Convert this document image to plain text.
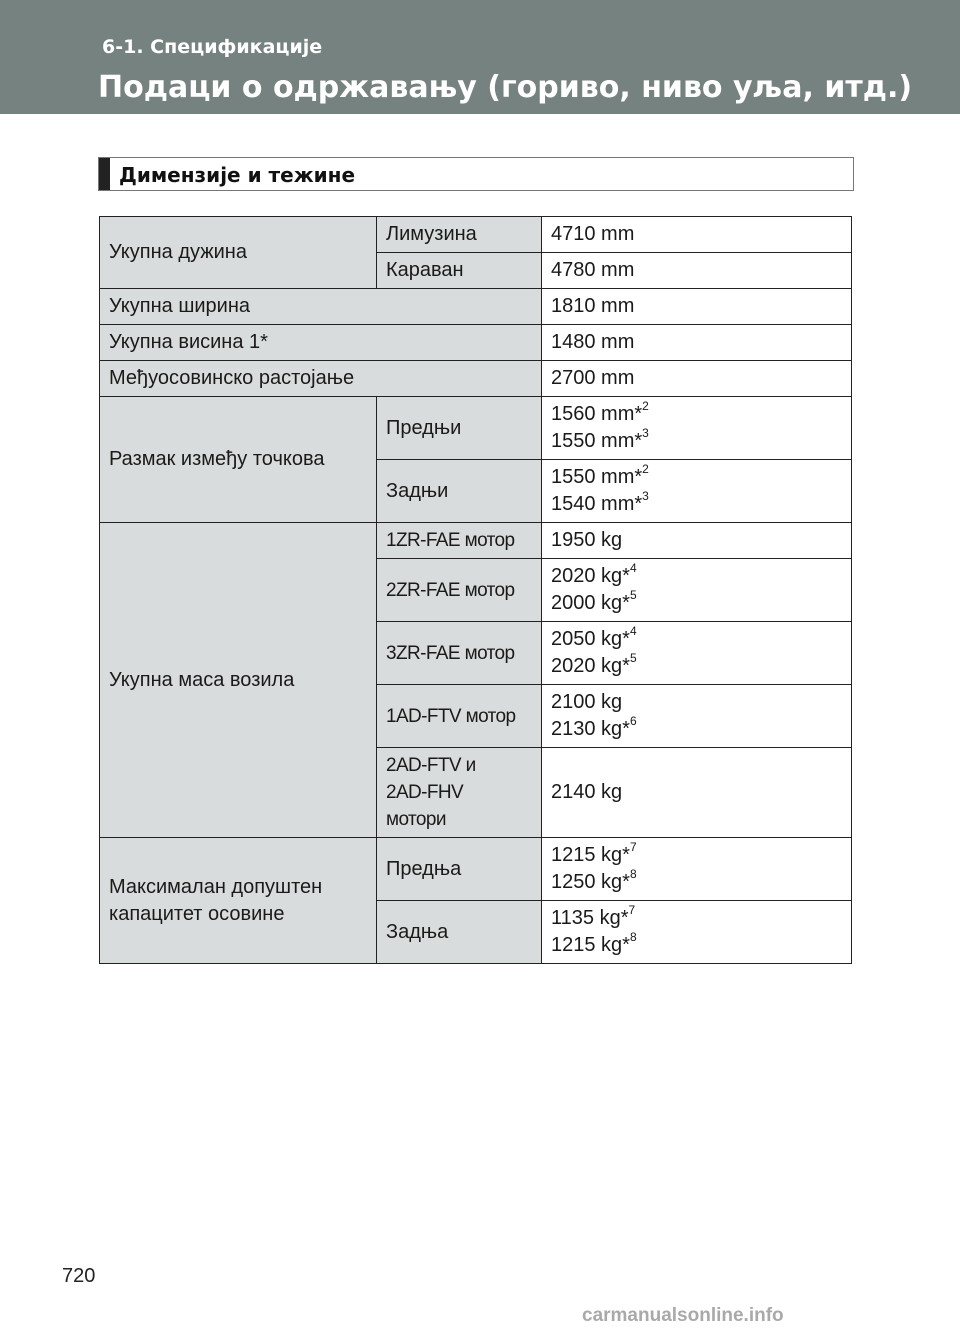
6-1. Спецификације
Подаци о одржавању (гориво, ниво уља, итд.)
Димензије и тежине
Укупна дужина	Лимузина	4710 mm
	Караван	4780 mm
Укупна ширина		1810 mm
Укупна висина 1*		1480 mm
Међуосовинско растојање		2700 mm
Размак између точкова	Предњи	1560 mm*$^2$
1550 mm*$^3$

	Задњи	1550 mm*$^2$
1540 mm*$^3$

Укупна маса возила	1ZR-FAE мотор	1950 kg
	2ZR-FAE мотор	2020 kg*$^4$
2000 kg*$^5$

	3ZR-FAE мотор	2050 kg*$^4$
2020 kg*$^5$

	1AD-FTV мотор	2100 kg
2130 kg*$^6$

	2AD-FTV и
2AD-FHV
мотори	2140 kg

Максималан допуштен
капацитет осовине	Предња	1215 kg*$^7$
1250 kg*$^8$

	Задња	1135 kg*$^7$
1215 kg*$^8$
720
carmanualsonline.info
